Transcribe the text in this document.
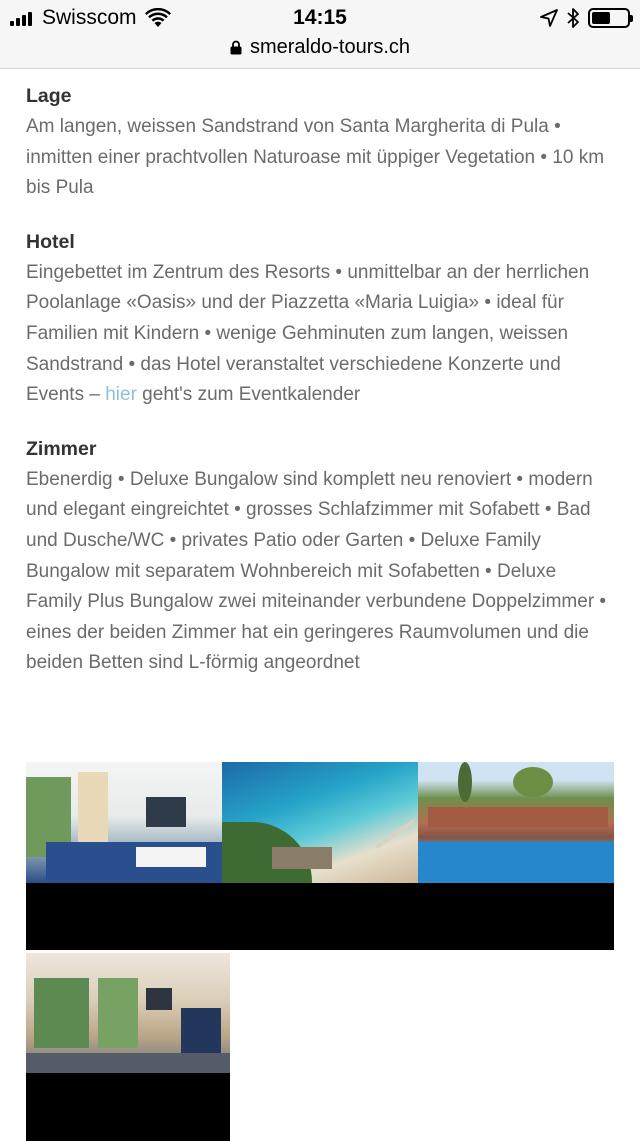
Swisscom	14:15
smeraldo-tours.ch
Lage

Am langen, weissen Sandstrand von Santa Margherita di Pula • inmitten einer prachtvollen Naturoase mit üppiger Vegetation • 10 km bis Pula

Hotel

Eingebettet im Zentrum des Resorts • unmittelbar an der herrlichen Poolanlage «Oasis» und der Piazzetta «Maria Luigia» • ideal für Familien mit Kindern • wenige Gehminuten zum langen, weissen Sandstrand • das Hotel veranstaltet verschiedene Konzerte und Events – hier geht's zum Eventkalender

Zimmer

Ebenerdig • Deluxe Bungalow sind komplett neu renoviert • modern und elegant eingreichtet • grosses Schlafzimmer mit Sofabett • Bad und Dusche/WC • privates Patio oder Garten • Deluxe Family Bungalow mit separatem Wohnbereich mit Sofabetten • Deluxe Family Plus Bungalow zwei miteinander verbundene Doppelzimmer • eines der beiden Zimmer hat ein geringeres Raumvolumen und die beiden Betten sind L-förmig angeordnet
